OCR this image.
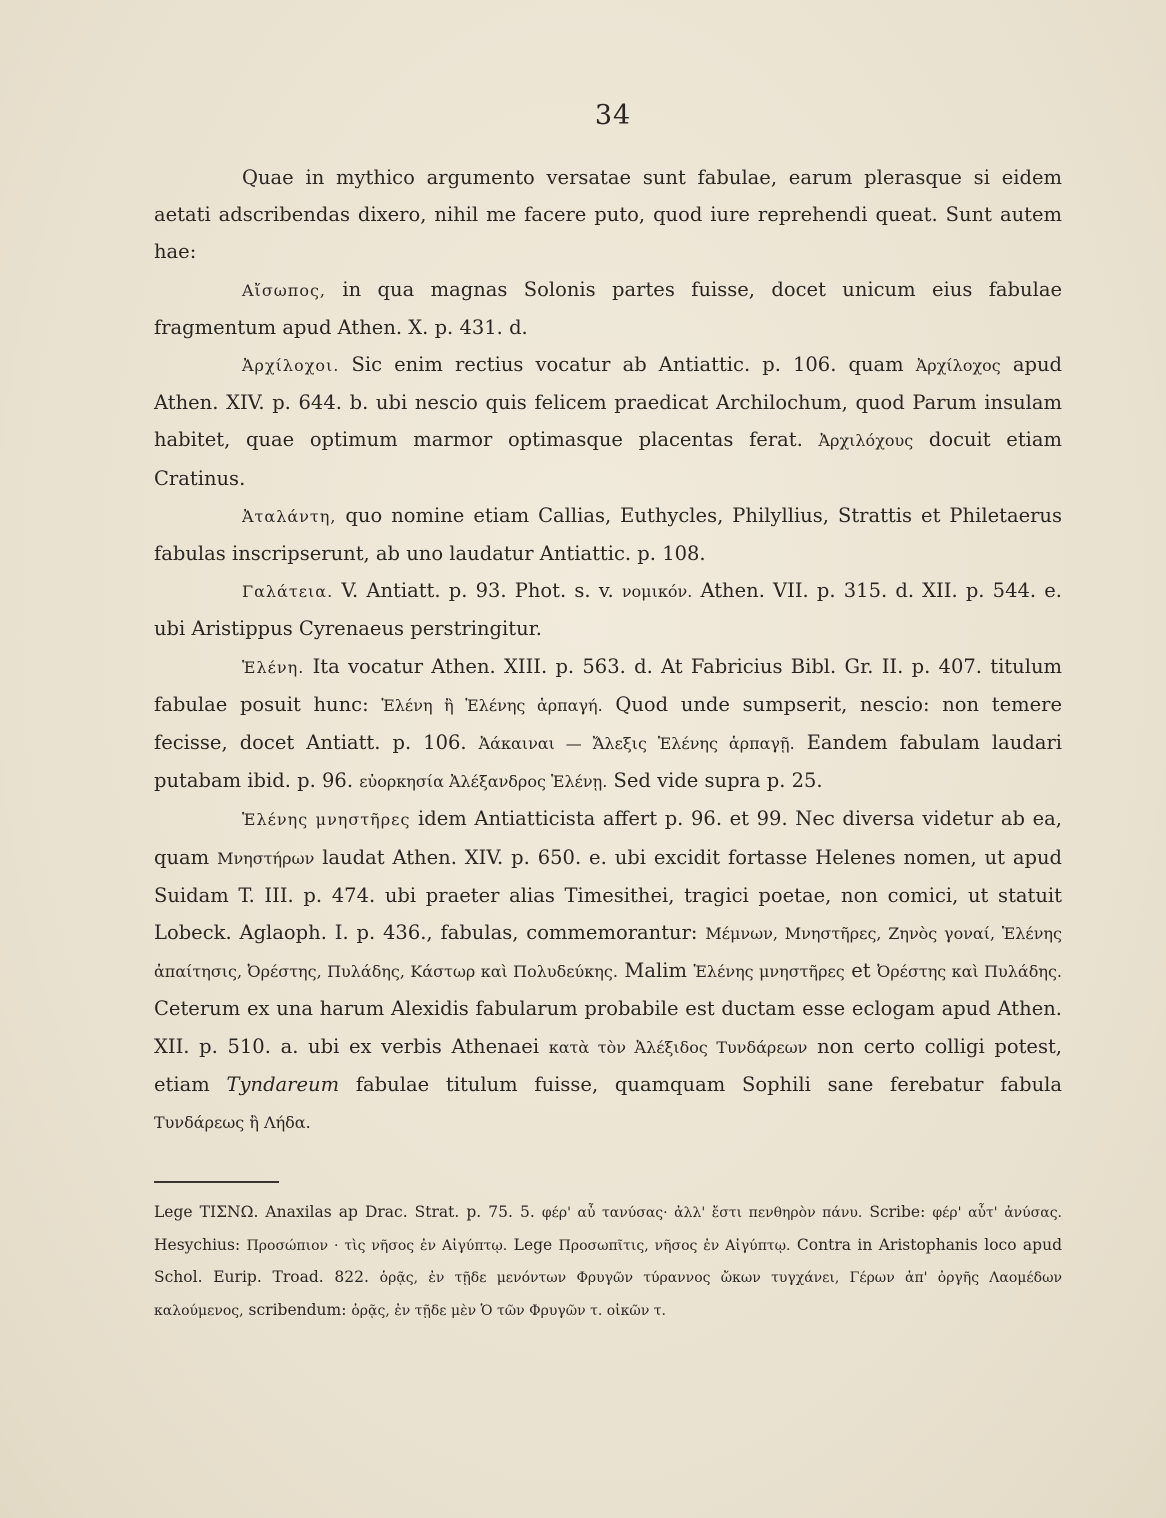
34

Quae in mythico argumento versatae sunt fabulae, earum plerasque si eidem aetati adscribendas dixero, nihil me facere puto, quod iure reprehendi queat. Sunt autem hae:

Αἴσωπος, in qua magnas Solonis partes fuisse, docet unicum eius fabulae fragmentum apud Athen. X. p. 431. d.

Ἀρχίλοχοι. Sic enim rectius vocatur ab Antiattic. p. 106. quam Ἀρχίλοχος apud Athen. XIV. p. 644. b. ubi nescio quis felicem praedicat Archilochum, quod Parum insulam habitet, quae optimum marmor optimasque placentas ferat. Ἀρχιλόχους docuit etiam Cratinus.

Ἀταλάντη, quo nomine etiam Callias, Euthycles, Philyllius, Strattis et Philetaerus fabulas inscripserunt, ab uno laudatur Antiattic. p. 108.

Γαλάτεια. V. Antiatt. p. 93. Phot. s. v. νομικόν. Athen. VII. p. 315. d. XII. p. 544. e. ubi Aristippus Cyrenaeus perstringitur.

Ἑλένη. Ita vocatur Athen. XIII. p. 563. d. At Fabricius Bibl. Gr. II. p. 407. titulum fabulae posuit hunc: Ἑλένη ἢ Ἑλένης ἁρπαγή. Quod unde sumpserit, nescio: non temere fecisse, docet Antiatt. p. 106. Ἀάκαιναι — Ἄλεξις Ἑλένης ἁρπαγῇ. Eandem fabulam laudari putabam ibid. p. 96. εὐορκησία Ἀλέξανδρος Ἑλένῃ. Sed vide supra p. 25.

Ἑλένης μνηστῆρες idem Antiatticista affert p. 96. et 99. Nec diversa videtur ab ea, quam Μνηστήρων laudat Athen. XIV. p. 650. e. ubi excidit fortasse Helenes nomen, ut apud Suidam T. III. p. 474. ubi praeter alias Timesithei, tragici poetae, non comici, ut statuit Lobeck. Aglaoph. I. p. 436., fabulas, commemorantur: Μέμνων, Μνηστῆρες, Ζηνὸς γοναί, Ἑλένης ἀπαίτησις, Ὀρέστης, Πυλάδης, Κάστωρ καὶ Πολυδεύκης. Malim Ἑλένης μνηστῆρες et Ὀρέστης καὶ Πυλάδης. Ceterum ex una harum Alexidis fabularum probabile est ductam esse eclogam apud Athen. XII. p. 510. a. ubi ex verbis Athenaei κατὰ τὸν Ἀλέξιδος Τυνδάρεων non certo colligi potest, etiam Tyndareum fabulae titulum fuisse, quamquam Sophili sane ferebatur fabula Τυνδάρεως ἢ Λήδα.

Lege ΤΙΣΝΩ. Anaxilas ap Drac. Strat. p. 75. 5. φέρ' αὖ τανύσας· ἀλλ' ἔστι πενθηρὸν πάνυ. Scribe: φέρ' αὖτ' ἀνύσας. Hesychius: Προσώπιον · τὶς νῆσος ἐν Αἰγύπτῳ. Lege Προσωπῖτις, νῆσος ἐν Αἰγύπτῳ. Contra in Aristophanis loco apud Schol. Eurip. Troad. 822. ὁρᾷς, ἐν τῇδε μενόντων Φρυγῶν τύραννος ὤκων τυγχάνει, Γέρων ἀπ' ὀργῆς Λαομέδων καλούμενος, scribendum: ὁρᾷς, ἐν τῇδε μὲν Ὁ τῶν Φρυγῶν τ. οἰκῶν τ.
